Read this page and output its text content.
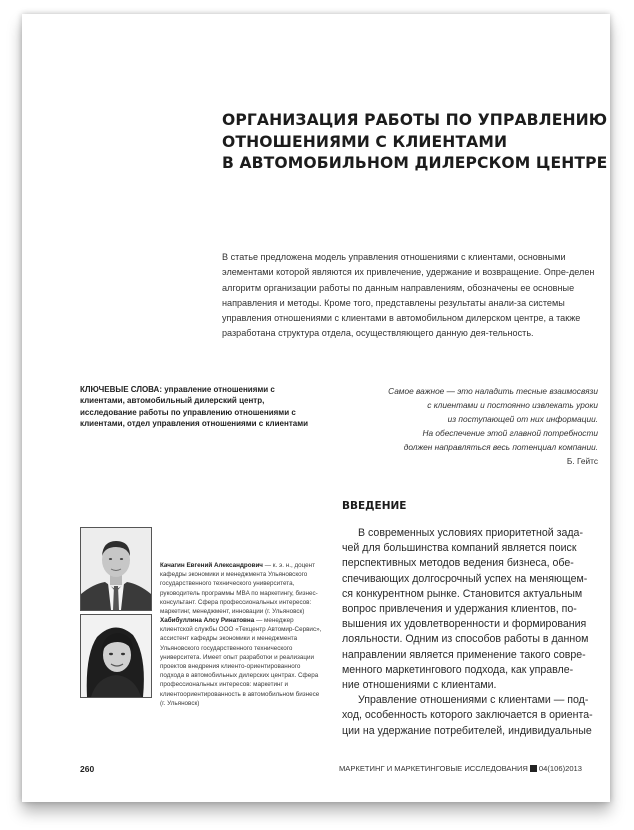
ОРГАНИЗАЦИЯ РАБОТЫ ПО УПРАВЛЕНИЮ
ОТНОШЕНИЯМИ С КЛИЕНТАМИ
В АВТОМОБИЛЬНОМ ДИЛЕРСКОМ ЦЕНТРЕ

В статье предложена модель управления отношениями с клиентами, основными элементами которой являются их привлечение, удержание и возвращение. Опре-делен алгоритм организации работы по данным направлениям, обозначены ее основные направления и методы. Кроме того, представлены результаты анали-за системы управления отношениями с клиентами в автомобильном дилерском центре, а также разработана структура отдела, осуществляющего данную дея-тельность.

КЛЮЧЕВЫЕ СЛОВА: управление отношениями с клиентами, автомобильный дилерский центр, исследование работы по управлению отношениями с клиентами, отдел управления отношениями с клиентами
Самое важное — это наладить тесные взаимосвязи
с клиентами и постоянно извлекать уроки
из поступающей от них информации.
На обеспечение этой главной потребности
должен направляться весь потенциал компании.
Б. Гейтс
ВВЕДЕНИЕ

В современных условиях приоритетной зада-
чей для большинства компаний является поиск
перспективных методов ведения бизнеса, обе-
спечивающих долгосрочный успех на меняющем-
ся конкурентном рынке. Становится актуальным
вопрос привлечения и удержания клиентов, по-
вышения их удовлетворенности и формирования
лояльности. Одним из способов работы в данном
направлении является применение такого совре-
менного маркетингового подхода, как управле-
ние отношениями с клиентами.

Управление отношениями с клиентами — под-
ход, особенность которого заключается в ориента-
ции на удержание потребителей, индивидуальные

Качагин Евгений Александрович — к. э. н., доцент кафедры экономики и менеджмента Ульяновского государственного технического университета, руководитель программы MBA по маркетингу, бизнес-консультант. Сфера профессиональных интересов: маркетинг, менеджмент, инновации (г. Ульяновск)
Хабибуллина Алсу Ринатовна — менеджер клиентской службы ООО «Техцентр Автомир-Сервис», ассистент кафедры экономики и менеджмента Ульяновского государственного технического университета. Имеет опыт разработки и реализации проектов внедрения клиенто-ориентированного подхода в автомобильных дилерских центрах. Сфера профессиональных интересов: маркетинг и клиентоориентированность в автомобильном бизнесе (г. Ульяновск)
260	МАРКЕТИНГ И МАРКЕТИНГОВЫЕ ИССЛЕДОВАНИЯ 04(106)2013
